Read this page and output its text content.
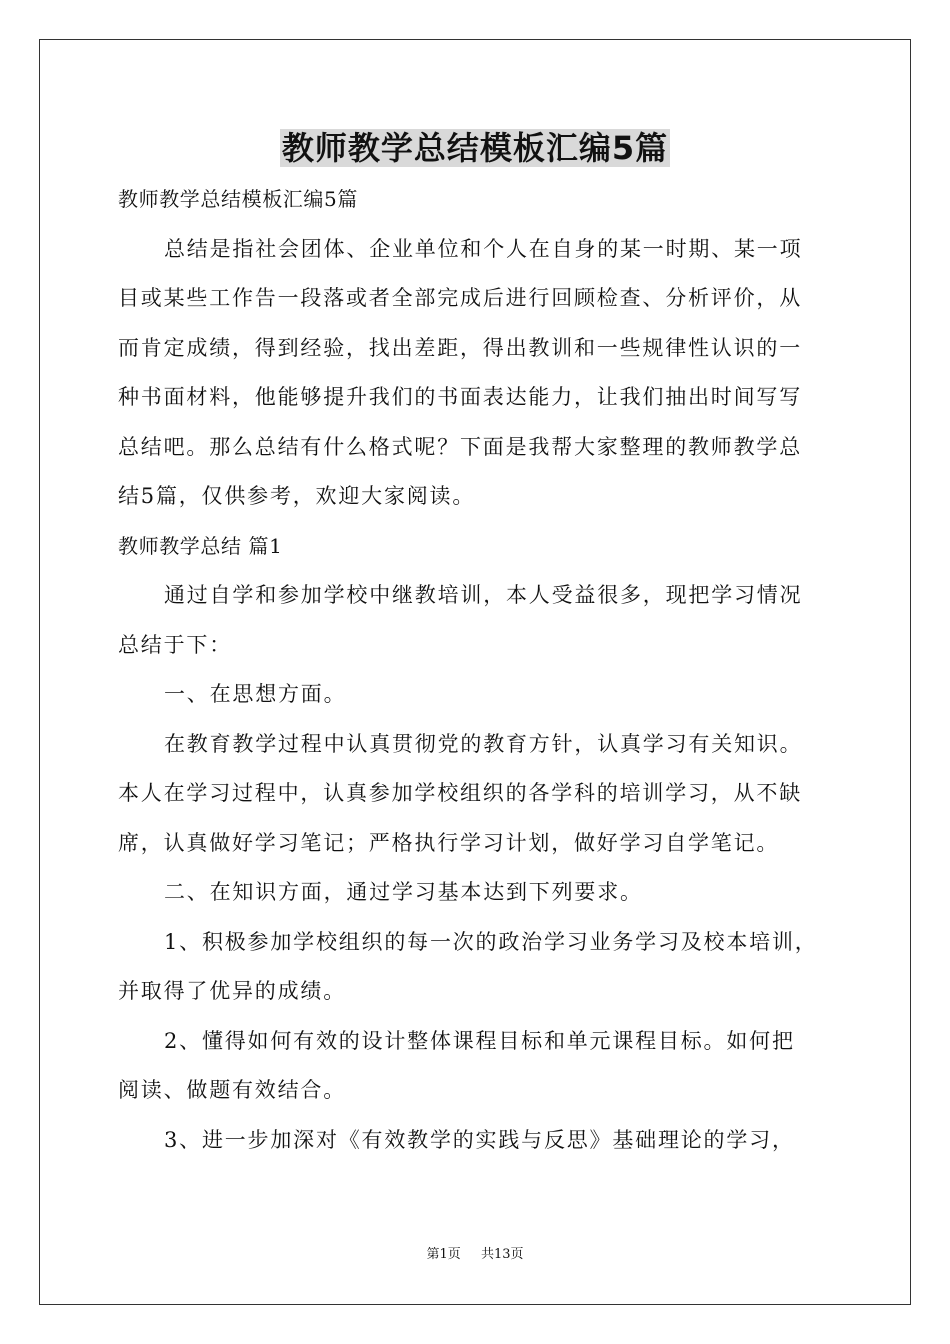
教师教学总结模板汇编5篇
教师教学总结模板汇编5篇
总结是指社会团体、企业单位和个人在自身的某一时期、某一项
目或某些工作告一段落或者全部完成后进行回顾检查、分析评价，从
而肯定成绩，得到经验，找出差距，得出教训和一些规律性认识的一
种书面材料，他能够提升我们的书面表达能力，让我们抽出时间写写
总结吧。那么总结有什么格式呢？下面是我帮大家整理的教师教学总
结5篇，仅供参考，欢迎大家阅读。
教师教学总结 篇1
通过自学和参加学校中继教培训，本人受益很多，现把学习情况
总结于下：
一、在思想方面。
在教育教学过程中认真贯彻党的教育方针，认真学习有关知识。
本人在学习过程中，认真参加学校组织的各学科的培训学习，从不缺
席，认真做好学习笔记；严格执行学习计划，做好学习自学笔记。
二、在知识方面，通过学习基本达到下列要求。
1、积极参加学校组织的每一次的政治学习业务学习及校本培训，
并取得了优异的成绩。
2、懂得如何有效的设计整体课程目标和单元课程目标。如何把
阅读、做题有效结合。
3、进一步加深对《有效教学的实践与反思》基础理论的学习，
第1页 共13页
